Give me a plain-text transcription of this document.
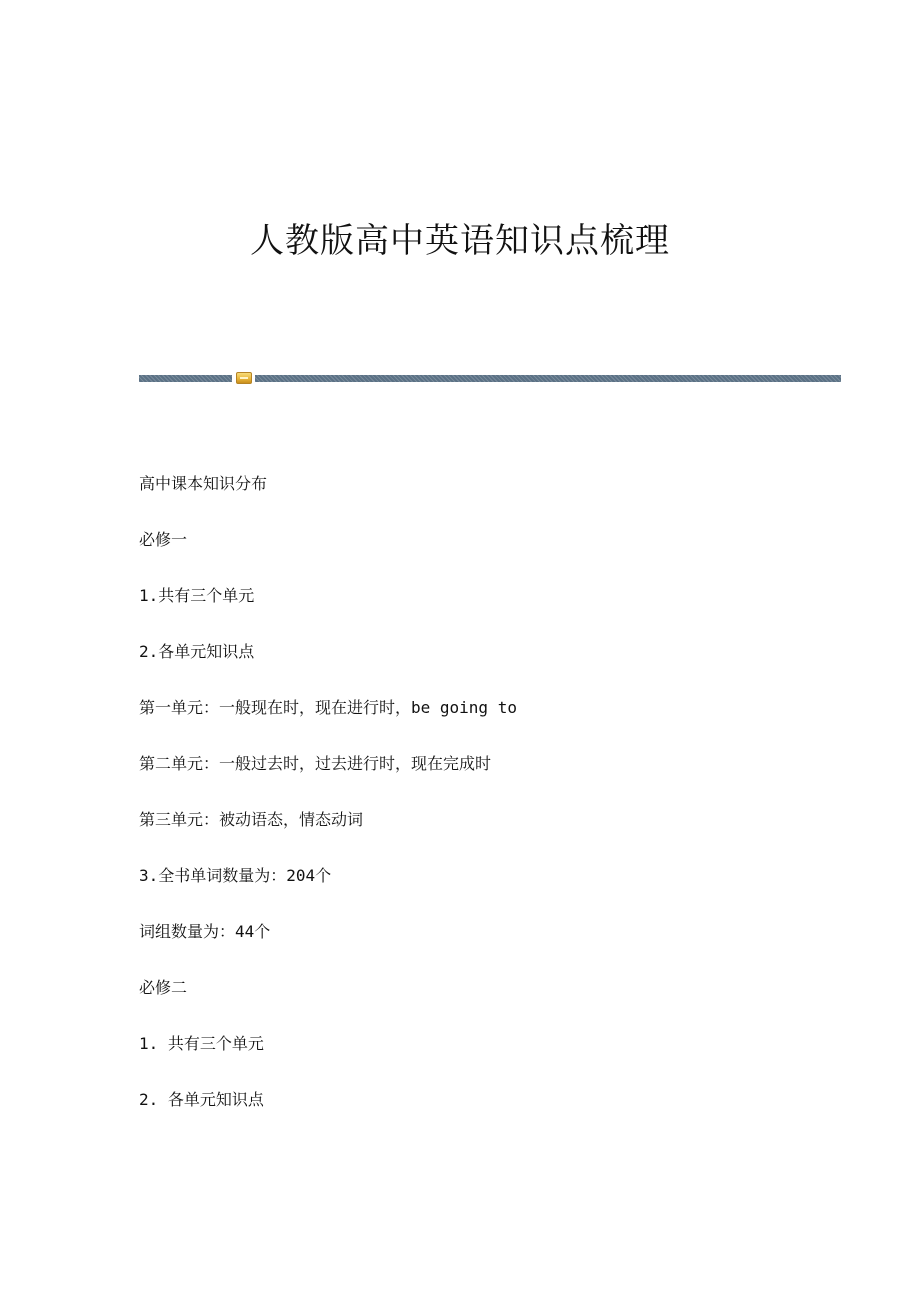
人教版高中英语知识点梳理
高中课本知识分布
必修一
1.共有三个单元
2.各单元知识点
第一单元：一般现在时，现在进行时，be going to
第二单元：一般过去时，过去进行时，现在完成时
第三单元：被动语态，情态动词
3.全书单词数量为：204个
词组数量为：44个
必修二
1. 共有三个单元
2. 各单元知识点
